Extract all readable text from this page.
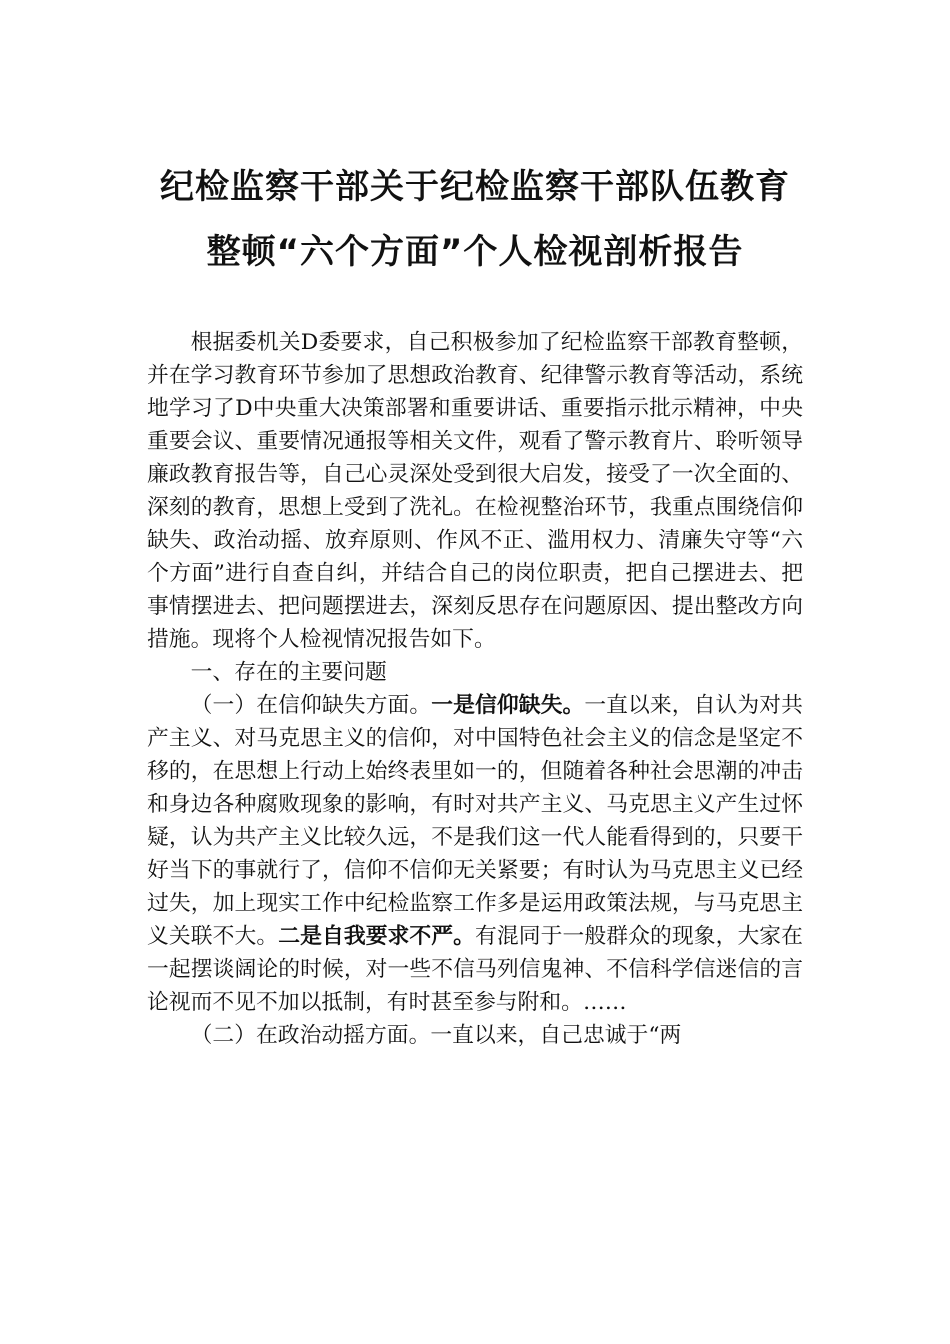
纪检监察干部关于纪检监察干部队伍教育
整顿“六个方面”个人检视剖析报告

根据委机关D委要求，自己积极参加了纪检监察干部教育整顿，并在学习教育环节参加了思想政治教育、纪律警示教育等活动，系统地学习了D中央重大决策部署和重要讲话、重要指示批示精神，中央重要会议、重要情况通报等相关文件，观看了警示教育片、聆听领导廉政教育报告等，自己心灵深处受到很大启发，接受了一次全面的、深刻的教育，思想上受到了洗礼。在检视整治环节，我重点围绕信仰缺失、政治动摇、放弃原则、作风不正、滥用权力、清廉失守等“六个方面”进行自查自纠，并结合自己的岗位职责，把自己摆进去、把事情摆进去、把问题摆进去，深刻反思存在问题原因、提出整改方向措施。现将个人检视情况报告如下。

一、存在的主要问题

（一）在信仰缺失方面。一是信仰缺失。一直以来，自认为对共产主义、对马克思主义的信仰，对中国特色社会主义的信念是坚定不移的，在思想上行动上始终表里如一的，但随着各种社会思潮的冲击和身边各种腐败现象的影响，有时对共产主义、马克思主义产生过怀疑，认为共产主义比较久远，不是我们这一代人能看得到的，只要干好当下的事就行了，信仰不信仰无关紧要；有时认为马克思主义已经过失，加上现实工作中纪检监察工作多是运用政策法规，与马克思主义关联不大。二是自我要求不严。有混同于一般群众的现象，大家在一起摆谈阔论的时候，对一些不信马列信鬼神、不信科学信迷信的言论视而不见不加以抵制，有时甚至参与附和。……

（二）在政治动摇方面。一直以来，自己忠诚于“两
